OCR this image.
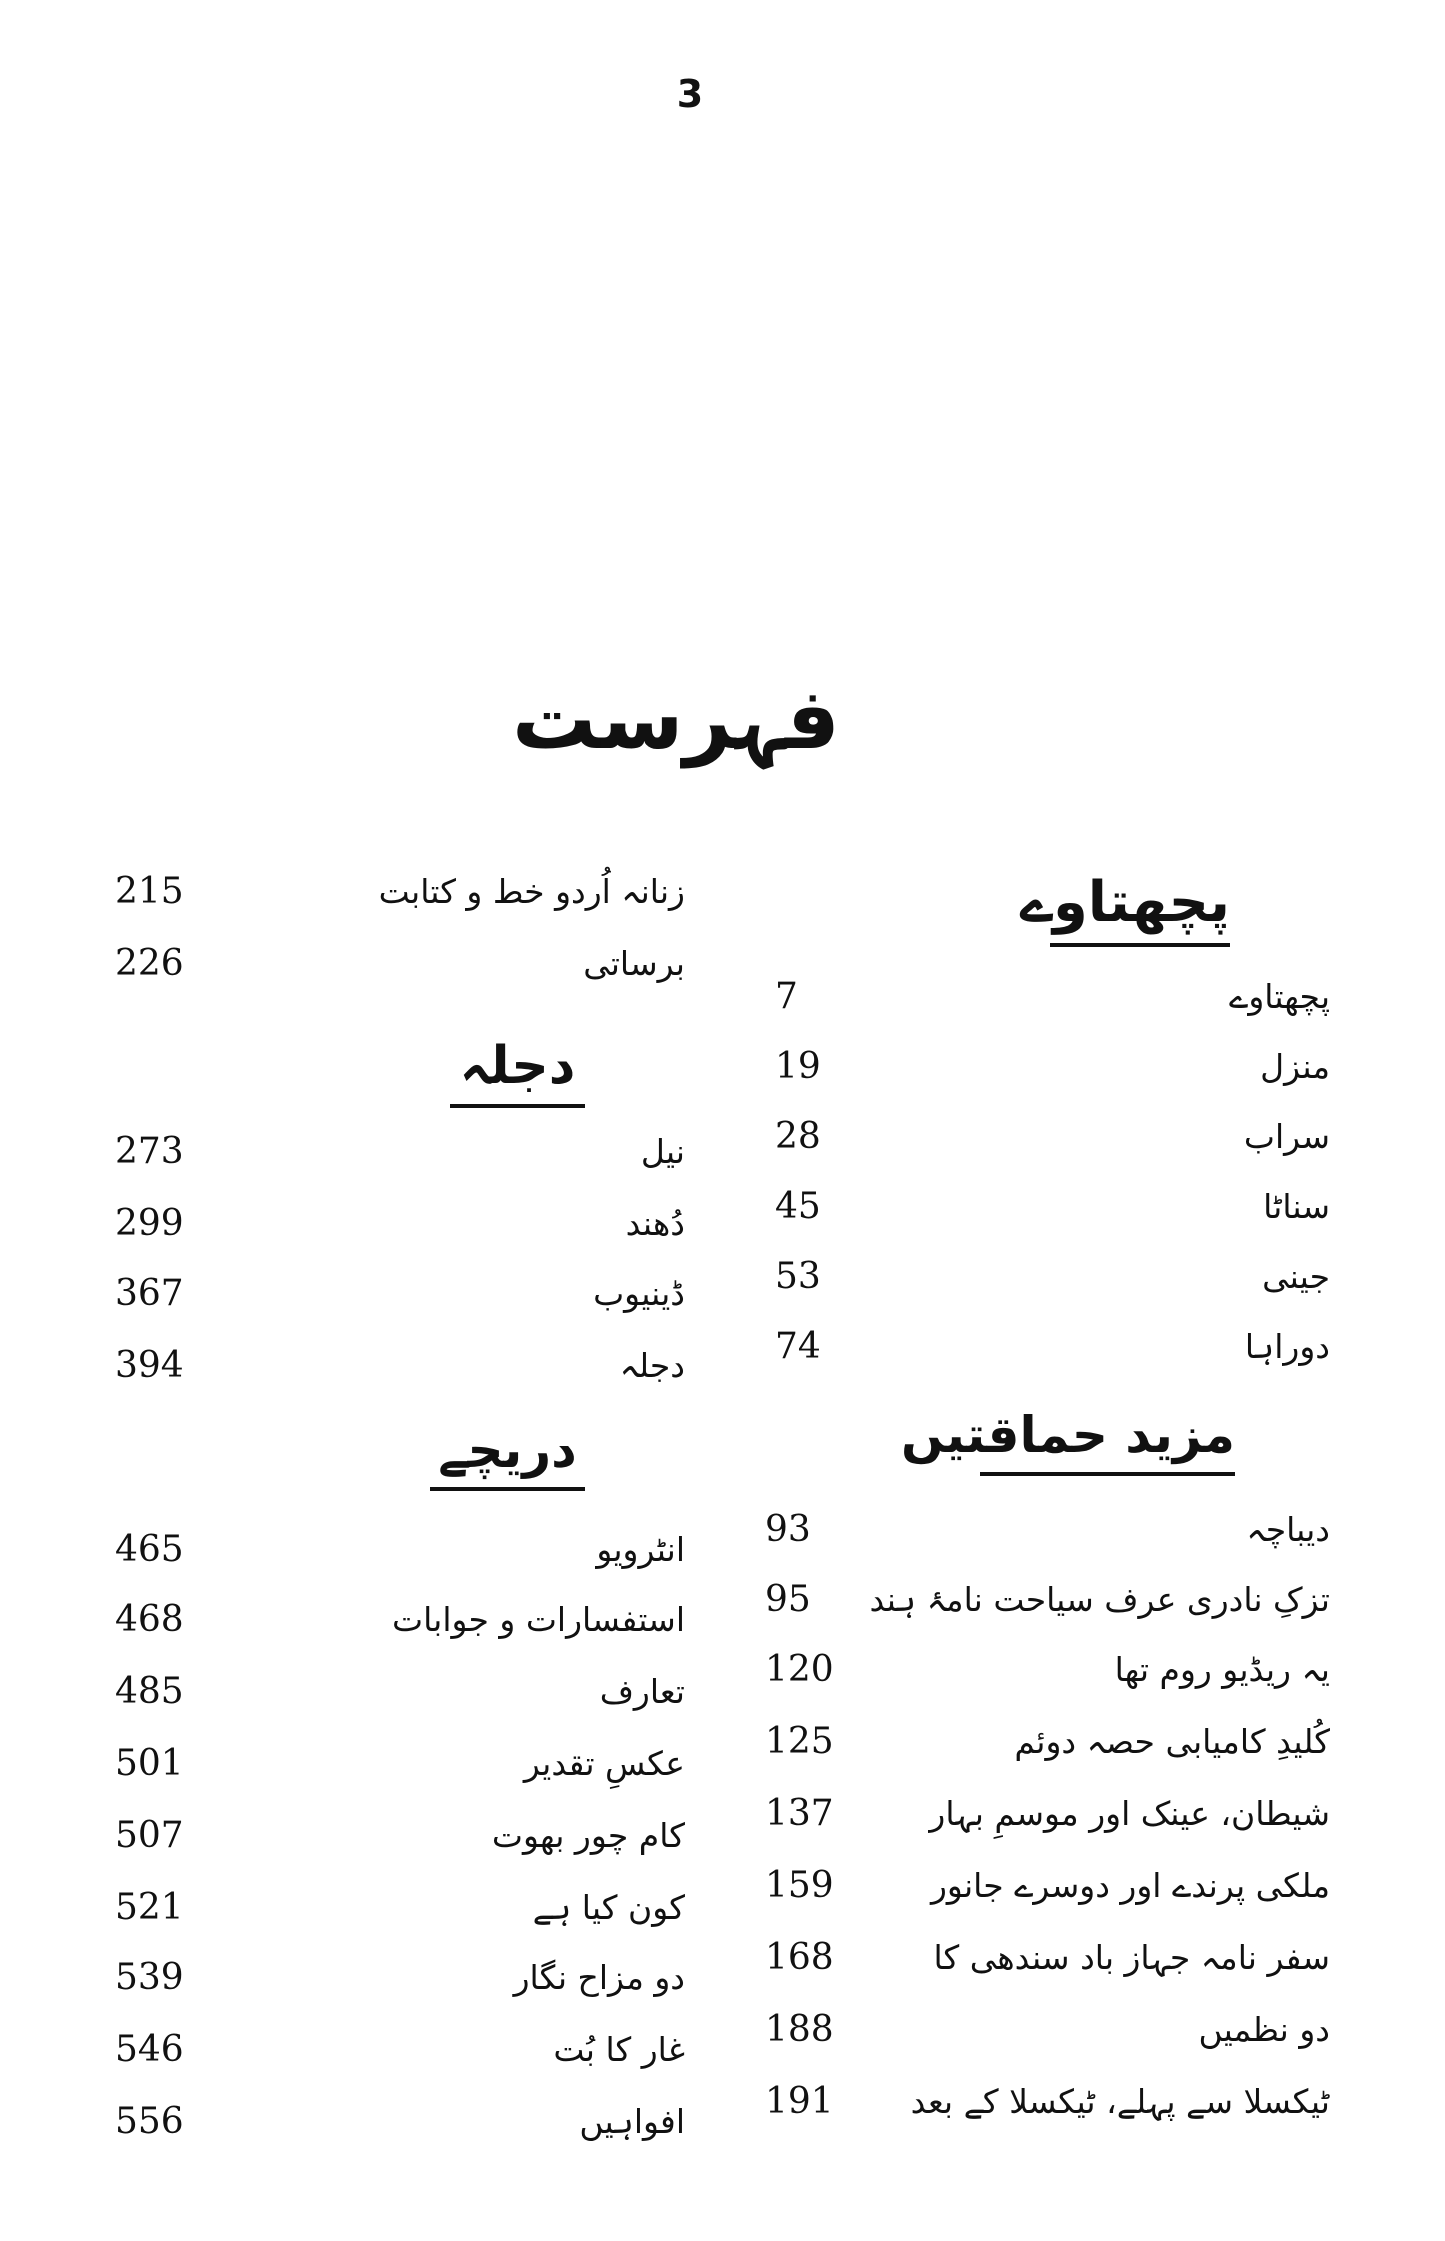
3
فہرست
پچھتاوے
پچھتاوے
7
منزل
19
سراب
28
سناٹا
45
جینی
53
دوراہا
74
مزید حماقتیں
دیباچہ
93
تزکِ نادری عرف سیاحت نامۂ ہند
95
یہ ریڈیو روم تھا
120
کُلیدِ کامیابی حصہ دوئم
125
شیطان، عینک اور موسمِ بہار
137
ملکی پرندے اور دوسرے جانور
159
سفر نامہ جہاز باد سندھی کا
168
دو نظمیں
188
ٹیکسلا سے پہلے، ٹیکسلا کے بعد
191
زنانہ اُردو خط و کتابت
215
برساتی
226
دجلہ
نیل
273
دُھند
299
ڈینیوب
367
دجلہ
394
دریچے
انٹرویو
465
استفسارات و جوابات
468
تعارف
485
عکسِ تقدیر
501
کام چور بھوت
507
کون کیا ہے
521
دو مزاح نگار
539
غار کا بُت
546
افواہیں
556
